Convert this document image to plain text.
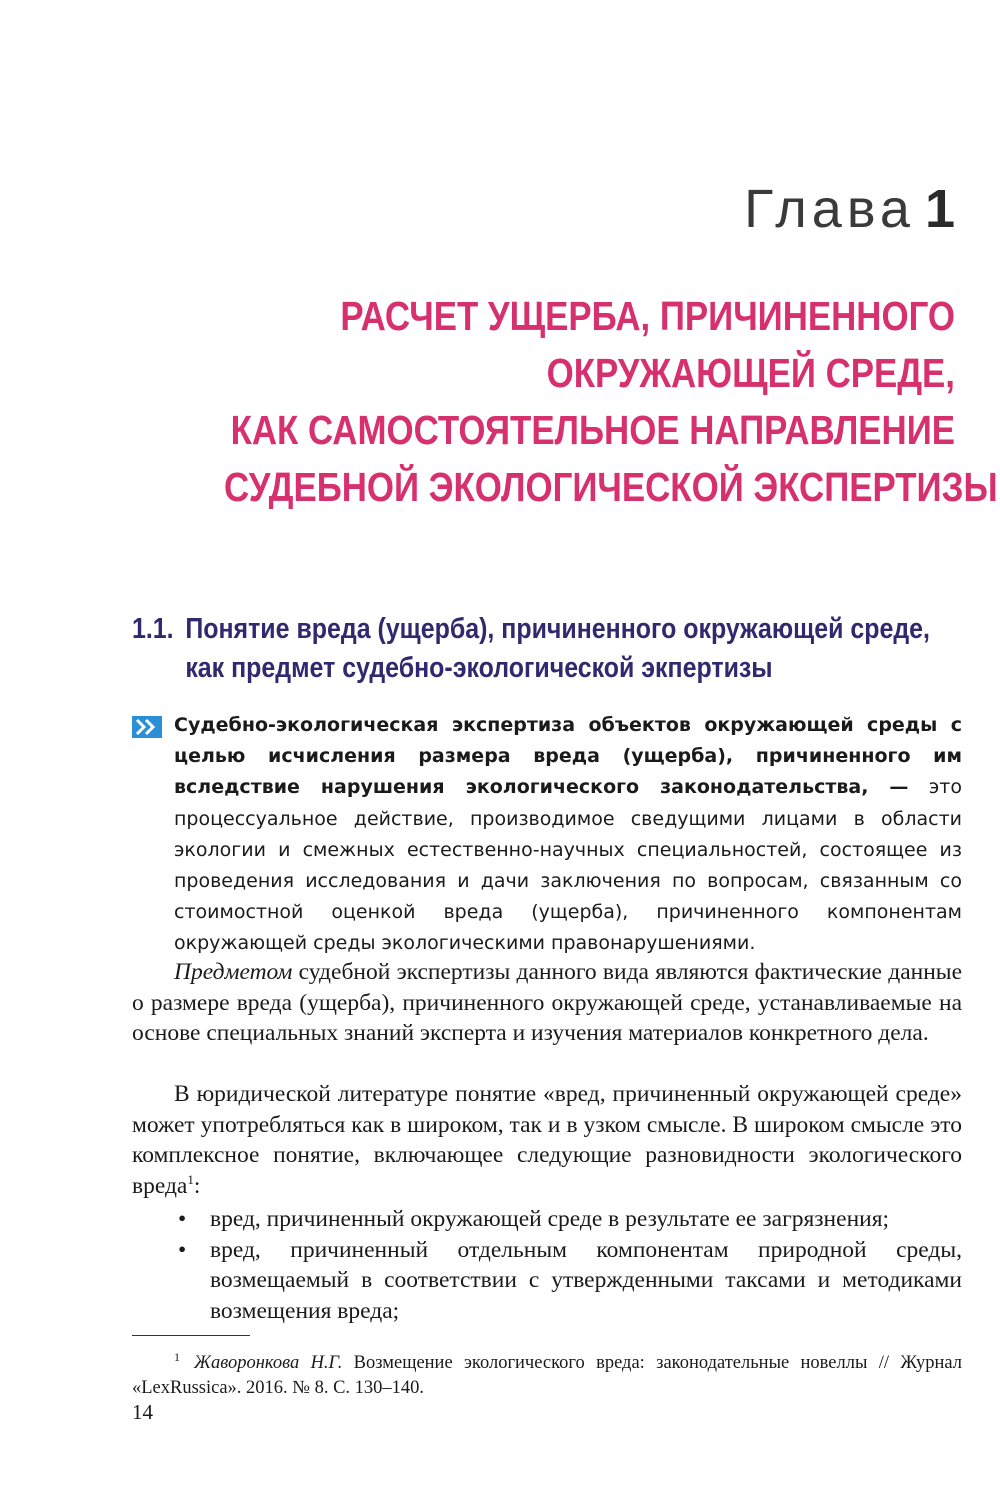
Глава 1
РАСЧЕТ УЩЕРБА, ПРИЧИНЕННОГО
ОКРУЖАЮЩЕЙ СРЕДЕ,
КАК САМОСТОЯТЕЛЬНОЕ НАПРАВЛЕНИЕ
СУДЕБНОЙ ЭКОЛОГИЧЕСКОЙ ЭКСПЕРТИЗЫ
1.1. Понятие вреда (ущерба), причиненного окружающей среде,
как предмет судебно-экологической экпертизы
Судебно-экологическая экспертиза объектов окружающей среды с целью исчисления размера вреда (ущерба), причиненного им вследствие нарушения экологического законодательства, — это процессуальное действие, производимое сведущими лицами в области экологии и смежных естественно-научных специальностей, состоящее из проведения исследования и дачи заключения по вопросам, связанным со стоимостной оценкой вреда (ущерба), причиненного компонентам окружающей среды экологическими правонарушениями.
Предметом судебной экспертизы данного вида являются фактические данные о размере вреда (ущерба), причиненного окружающей среде, устанавливаемые на основе специальных знаний эксперта и изучения материалов конкретного дела.
В юридической литературе понятие «вред, причиненный окружающей среде» может употребляться как в широком, так и в узком смысле. В широком смысле это комплексное понятие, включающее следующие разновидности экологического вреда$^1$:
• вред, причиненный окружающей среде в результате ее загрязнения;
• вред, причиненный отдельным компонентам природной среды, возмещаемый в соответствии с утвержденными таксами и методиками возмещения вреда;
$^1$ Жаворонкова Н.Г. Возмещение экологического вреда: законодательные новеллы // Журнал «LexRussica». 2016. № 8. С. 130–140.
14
